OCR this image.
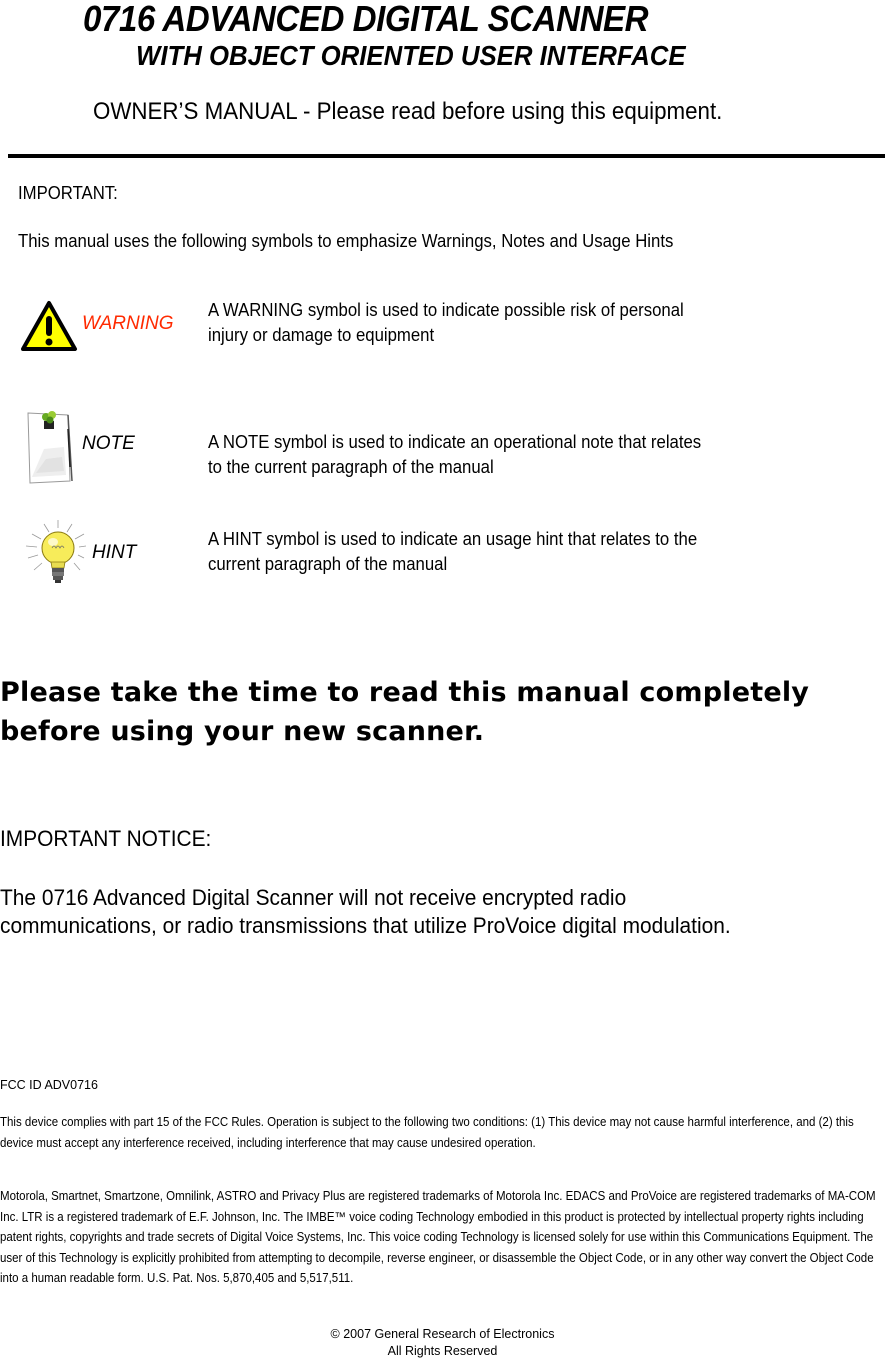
0716 ADVANCED DIGITAL SCANNER
WITH OBJECT ORIENTED USER INTERFACE
OWNER’S MANUAL - Please read before using this equipment.
IMPORTANT:
This manual uses the following symbols to emphasize Warnings, Notes and Usage Hints
WARNING
A WARNING symbol is used to indicate possible risk of personal
injury or damage to equipment
NOTE	A NOTE symbol is used to indicate an operational note that relates
to the current paragraph of the manual
HINT
A HINT symbol is used to indicate an usage hint that relates to the
current paragraph of the manual
Please take the time to read this manual completely
before using your new scanner.
IMPORTANT NOTICE:
The 0716 Advanced Digital Scanner will not receive encrypted radio
communications, or radio transmissions that utilize ProVoice digital modulation.
FCC ID ADV0716
This device complies with part 15 of the FCC Rules. Operation is subject to the following two conditions: (1) This device may not cause harmful interference, and (2) this device must accept any interference received, including interference that may cause undesired operation.
Motorola, Smartnet, Smartzone, Omnilink, ASTRO and Privacy Plus are registered trademarks of Motorola Inc. EDACS and ProVoice are registered trademarks of MA-COM Inc. LTR is a registered trademark of E.F. Johnson, Inc. The IMBE™ voice coding Technology embodied in this product is protected by intellectual property rights including patent rights, copyrights and trade secrets of Digital Voice Systems, Inc. This voice coding Technology is licensed solely for use within this Communications Equipment. The user of this Technology is explicitly prohibited from attempting to decompile, reverse engineer, or disassemble the Object Code, or in any other way convert the Object Code into a human readable form. U.S. Pat. Nos. 5,870,405 and 5,517,511.
© 2007 General Research of Electronics
All Rights Reserved
